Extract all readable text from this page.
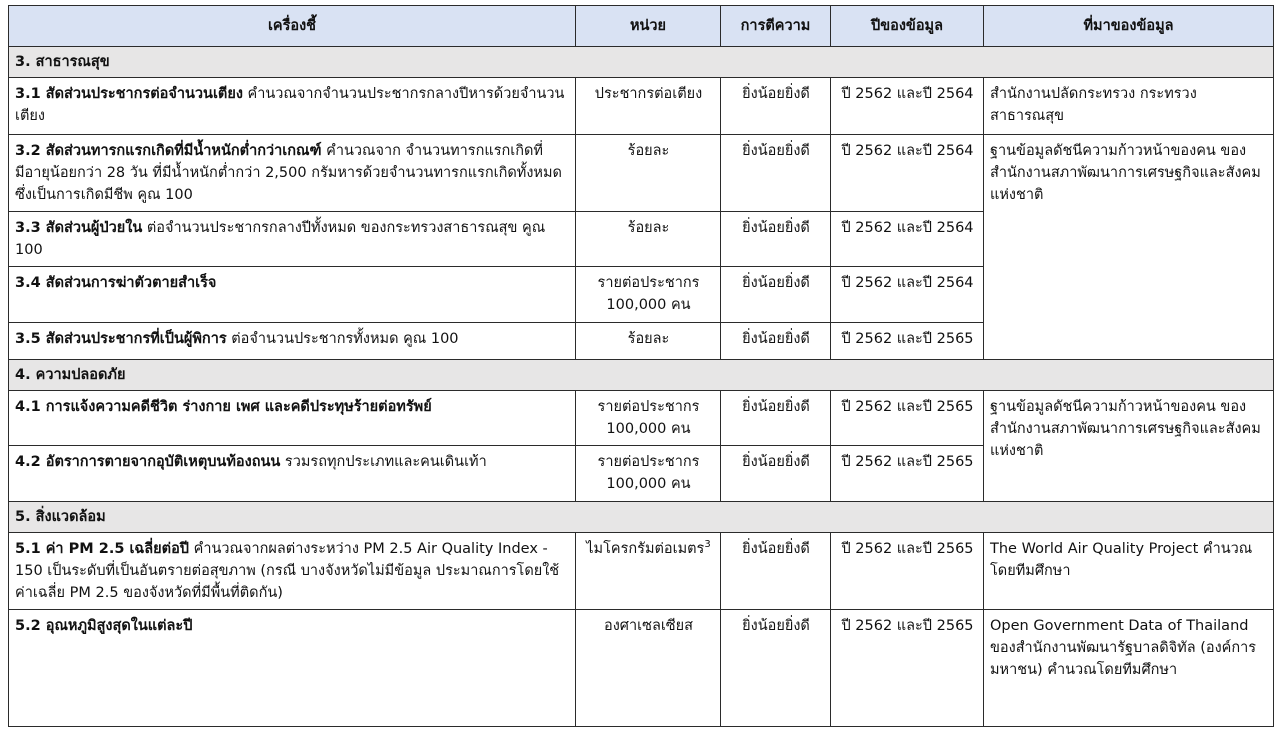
เครื่องชี้	หน่วย	การตีความ	ปีของข้อมูล	ที่มาของข้อมูล
3. สาธารณสุข				
3.1 สัดส่วนประชากรต่อจำนวนเตียง คำนวณจากจำนวนประชากรกลางปีหารด้วยจำนวนเตียง	ประชากรต่อเตียง	ยิ่งน้อยยิ่งดี	ปี 2562 และปี 2564	สำนักงานปลัดกระทรวง กระทรวงสาธารณสุข
3.2 สัดส่วนทารกแรกเกิดที่มีน้ำหนักต่ำกว่าเกณฑ์ คำนวณจาก จำนวนทารกแรกเกิดที่มีอายุน้อยกว่า 28 วัน ที่มีน้ำหนักต่ำกว่า 2,500 กรัมหารด้วยจำนวนทารกแรกเกิดทั้งหมด ซึ่งเป็นการเกิดมีชีพ คูณ 100	ร้อยละ	ยิ่งน้อยยิ่งดี	ปี 2562 และปี 2564	ฐานข้อมูลดัชนีความก้าวหน้าของคน ของสำนักงานสภาพัฒนาการเศรษฐกิจและสังคมแห่งชาติ
3.3 สัดส่วนผู้ป่วยใน ต่อจำนวนประชากรกลางปีทั้งหมด ของกระทรวงสาธารณสุข คูณ 100	ร้อยละ	ยิ่งน้อยยิ่งดี	ปี 2562 และปี 2564	
3.4 สัดส่วนการฆ่าตัวตายสำเร็จ	รายต่อประชากร 100,000 คน	ยิ่งน้อยยิ่งดี	ปี 2562 และปี 2564	
3.5 สัดส่วนประชากรที่เป็นผู้พิการ ต่อจำนวนประชากรทั้งหมด คูณ 100	ร้อยละ	ยิ่งน้อยยิ่งดี	ปี 2562 และปี 2565	
4. ความปลอดภัย				
4.1 การแจ้งความคดีชีวิต ร่างกาย เพศ และคดีประทุษร้ายต่อทรัพย์	รายต่อประชากร 100,000 คน	ยิ่งน้อยยิ่งดี	ปี 2562 และปี 2565	ฐานข้อมูลดัชนีความก้าวหน้าของคน ของสำนักงานสภาพัฒนาการเศรษฐกิจและสังคมแห่งชาติ
4.2 อัตราการตายจากอุบัติเหตุบนท้องถนน รวมรถทุกประเภทและคนเดินเท้า	รายต่อประชากร 100,000 คน	ยิ่งน้อยยิ่งดี	ปี 2562 และปี 2565	
5. สิ่งแวดล้อม				
5.1 ค่า PM 2.5 เฉลี่ยต่อปี คำนวณจากผลต่างระหว่าง PM 2.5 Air Quality Index - 150 เป็นระดับที่เป็นอันตรายต่อสุขภาพ (กรณี บางจังหวัดไม่มีข้อมูล ประมาณการโดยใช้ค่าเฉลี่ย PM 2.5 ของจังหวัดที่มีพื้นที่ติดกัน)	ไมโครกรัมต่อเมตร$^3$	ยิ่งน้อยยิ่งดี	ปี 2562 และปี 2565	The World Air Quality Project คำนวณโดยทีมศึกษา
5.2 อุณหภูมิสูงสุดในแต่ละปี	องศาเซลเซียส	ยิ่งน้อยยิ่งดี	ปี 2562 และปี 2565	Open Government Data of Thailand ของสำนักงานพัฒนารัฐบาลดิจิทัล (องค์การมหาชน) คำนวณโดยทีมศึกษา
